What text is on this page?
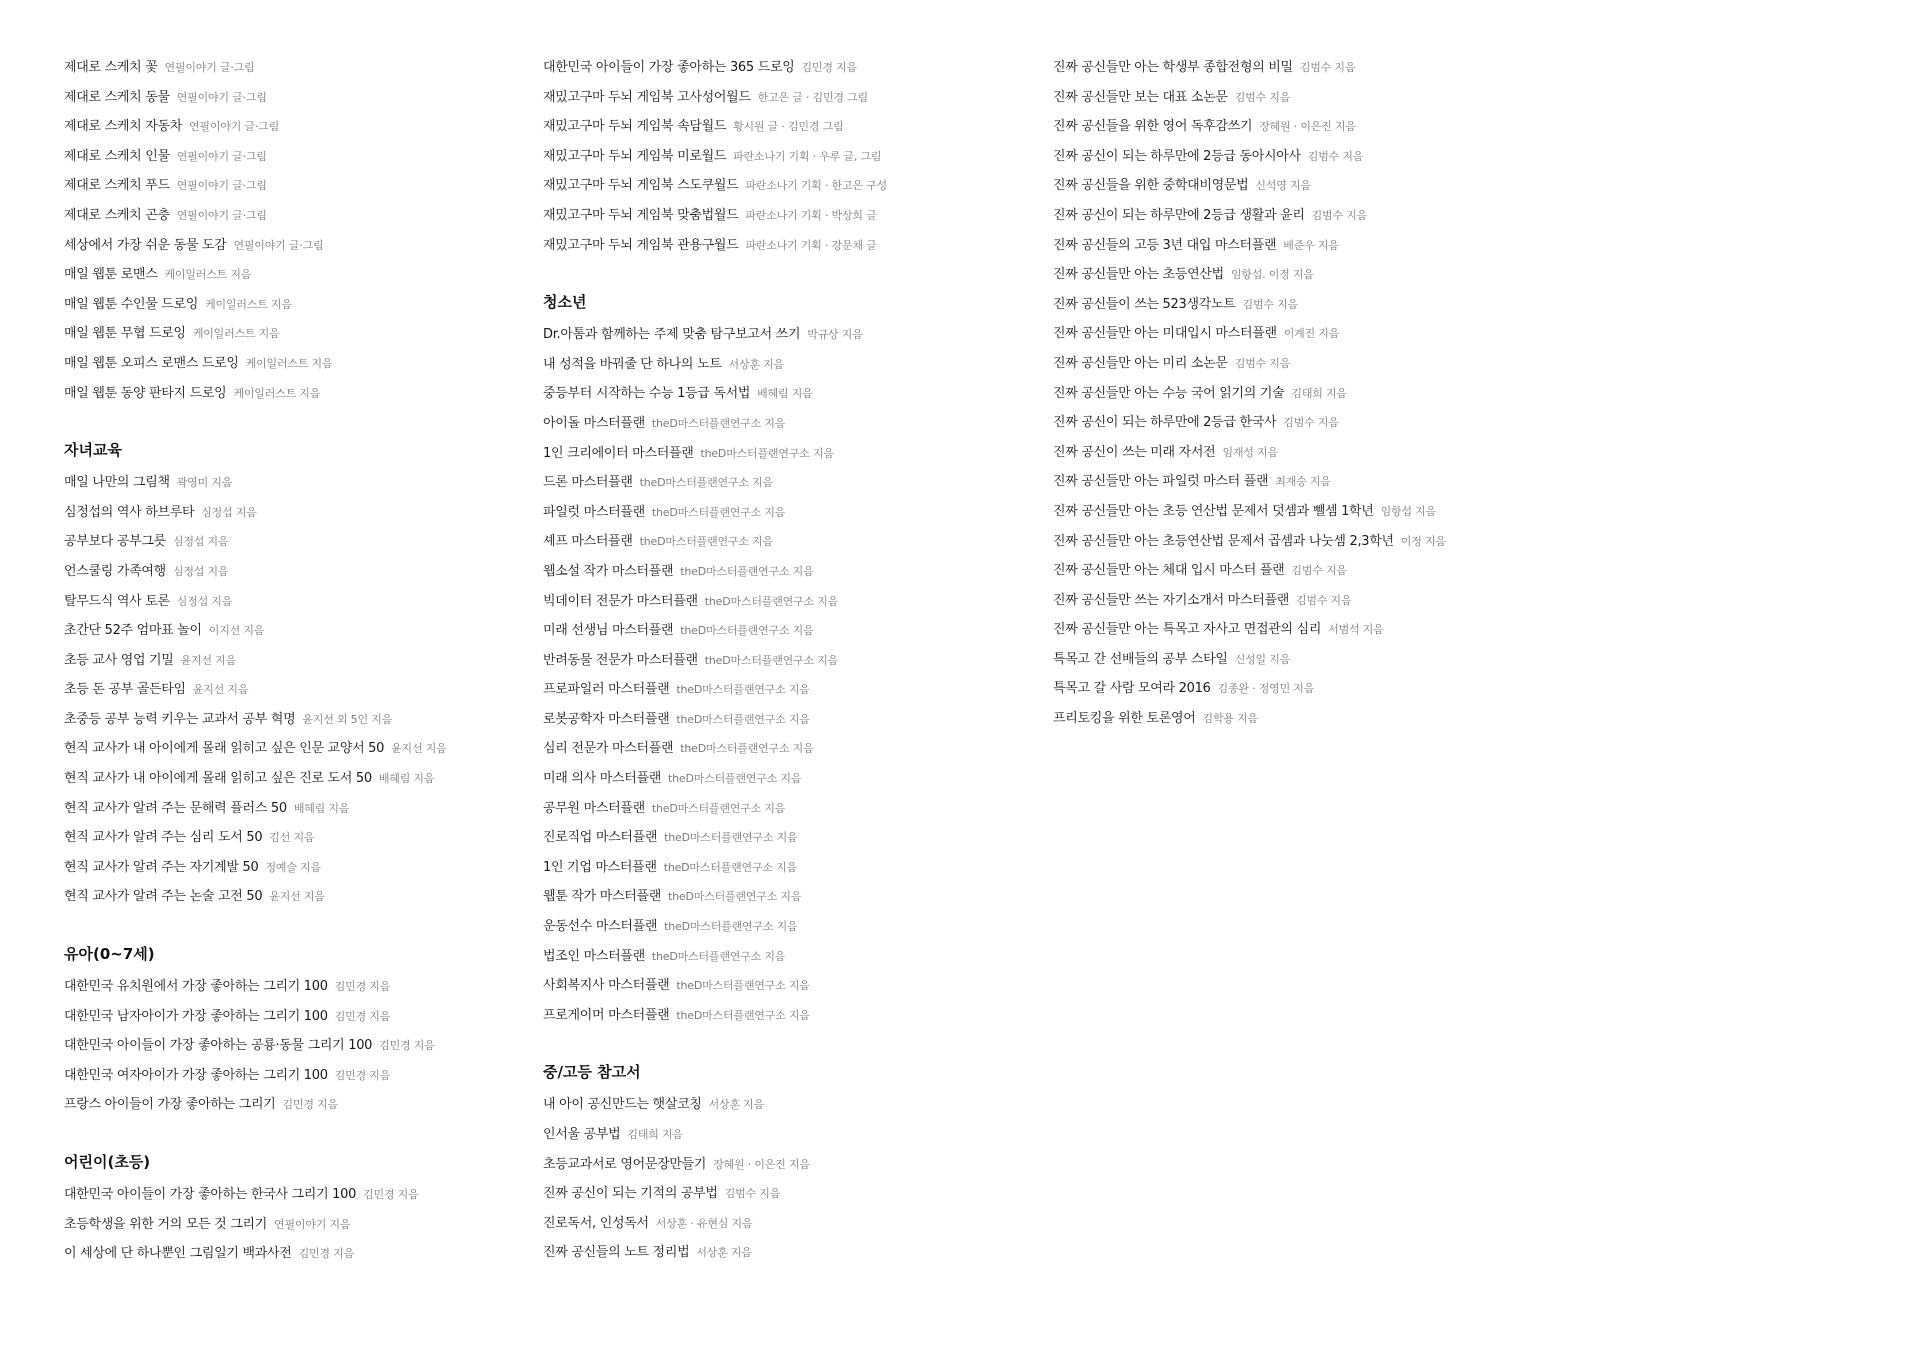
제대로 스케치 꽃 연필이야기 글·그림
제대로 스케치 동물 연필이야기 글·그림
제대로 스케치 자동차 연필이야기 글·그림
제대로 스케치 인물 연필이야기 글·그림
제대로 스케치 푸드 연필이야기 글·그림
제대로 스케치 곤충 연필이야기 글·그림
세상에서 가장 쉬운 동물 도감 연필이야기 글·그림
매일 웹툰 로맨스 케이일러스트 지음
매일 웹툰 수인물 드로잉 케이일러스트 지음
매일 웹툰 무협 드로잉 케이일러스트 지음
매일 웹툰 오피스 로맨스 드로잉 케이일러스트 지음
매일 웹툰 동양 판타지 드로잉 케이일러스트 지음
자녀교육
매일 나만의 그림책 곽영미 지음
심정섭의 역사 하브루타 심정섭 지음
공부보다 공부그릇 심정섭 지음
언스쿨링 가족여행 심정섭 지음
탈무드식 역사 토론 심정섭 지음
초간단 52주 엄마표 놀이 이지선 지음
초등 교사 영업 기밀 윤지선 지음
초등 돈 공부 골든타임 윤지선 지음
초중등 공부 능력 키우는 교과서 공부 혁명 윤지선 외 5인 지음
현직 교사가 내 아이에게 몰래 읽히고 싶은 인문 교양서 50 윤지선 지음
현직 교사가 내 아이에게 몰래 읽히고 싶은 진로 도서 50 배혜림 지음
현직 교사가 알려 주는 문해력 플러스 50 배혜림 지음
현직 교사가 알려 주는 심리 도서 50 김선 지음
현직 교사가 알려 주는 자기계발 50 정예슬 지음
현직 교사가 알려 주는 논술 고전 50 윤지선 지음
유아(0~7세)
대한민국 유치원에서 가장 좋아하는 그리기 100 김민경 지음
대한민국 남자아이가 가장 좋아하는 그리기 100 김민경 지음
대한민국 아이들이 가장 좋아하는 공룡·동물 그리기 100 김민경 지음
대한민국 여자아이가 가장 좋아하는 그리기 100 김민경 지음
프랑스 아이들이 가장 좋아하는 그리기 김민경 지음
어린이(초등)
대한민국 아이들이 가장 좋아하는 한국사 그리기 100 김민경 지음
초등학생을 위한 거의 모든 것 그리기 연필이야기 지음
이 세상에 단 하나뿐인 그림일기 백과사전 김민경 지음
대한민국 아이들이 가장 좋아하는 365 드로잉 김민경 지음
재밌고구마 두뇌 게임북 고사성어월드 한고은 글 · 김민경 그림
재밌고구마 두뇌 게임북 속담월드 황시원 글 · 김민경 그림
재밌고구마 두뇌 게임북 미로월드 파란소나기 기획 · 우루 글, 그림
재밌고구마 두뇌 게임북 스도쿠월드 파란소나기 기획 · 한고은 구성
재밌고구마 두뇌 게임북 맞춤법월드 파란소나기 기획 · 박상희 글
재밌고구마 두뇌 게임북 관용구월드 파란소나기 기획 · 강문채 글
청소년
Dr.아톰과 함께하는 주제 맞춤 탐구보고서 쓰기 박규상 지음
내 성적을 바꿔줄 단 하나의 노트 서상훈 지음
중등부터 시작하는 수능 1등급 독서법 배혜림 지음
아이돌 마스터플랜 theD마스터플랜연구소 지음
1인 크리에이터 마스터플랜 theD마스터플랜연구소 지음
드론 마스터플랜 theD마스터플랜연구소 지음
파일럿 마스터플랜 theD마스터플랜연구소 지음
셰프 마스터플랜 theD마스터플랜연구소 지음
웹소설 작가 마스터플랜 theD마스터플랜연구소 지음
빅데이터 전문가 마스터플랜 theD마스터플랜연구소 지음
미래 선생님 마스터플랜 theD마스터플랜연구소 지음
반려동물 전문가 마스터플랜 theD마스터플랜연구소 지음
프로파일러 마스터플랜 theD마스터플랜연구소 지음
로봇공학자 마스터플랜 theD마스터플랜연구소 지음
심리 전문가 마스터플랜 theD마스터플랜연구소 지음
미래 의사 마스터플랜 theD마스터플랜연구소 지음
공무원 마스터플랜 theD마스터플랜연구소 지음
진로직업 마스터플랜 theD마스터플랜연구소 지음
1인 기업 마스터플랜 theD마스터플랜연구소 지음
웹툰 작가 마스터플랜 theD마스터플랜연구소 지음
운동선수 마스터플랜 theD마스터플랜연구소 지음
법조인 마스터플랜 theD마스터플랜연구소 지음
사회복지사 마스터플랜 theD마스터플랜연구소 지음
프로게이머 마스터플랜 theD마스터플랜연구소 지음
중/고등 참고서
내 아이 공신만드는 햇살코칭 서상훈 지음
인서울 공부법 김태희 지음
초등교과서로 영어문장만들기 장혜원 · 이은진 지음
진짜 공신이 되는 기적의 공부법 김범수 지음
진로독서, 인성독서 서상훈 · 유현심 지음
진짜 공신들의 노트 정리법 서상훈 지음
진짜 공신들만 아는 학생부 종합전형의 비밀 김범수 지음
진짜 공신들만 보는 대표 소논문 김범수 지음
진짜 공신들을 위한 영어 독후감쓰기 장혜원 · 이은진 지음
진짜 공신이 되는 하루만에 2등급 동아시아사 김범수 지음
진짜 공신들을 위한 중학대비영문법 신석영 지음
진짜 공신이 되는 하루만에 2등급 생활과 윤리 김범수 지음
진짜 공신들의 고등 3년 대입 마스터플랜 배준우 지음
진짜 공신들만 아는 초등연산법 임항섭. 이정 지음
진짜 공신들이 쓰는 523생각노트 김범수 지음
진짜 공신들만 아는 미대입시 마스터플랜 이계진 지음
진짜 공신들만 아는 미리 소논문 김범수 지음
진짜 공신들만 아는 수능 국어 읽기의 기술 김태희 지음
진짜 공신이 되는 하루만에 2등급 한국사 김범수 지음
진짜 공신이 쓰는 미래 자서전 임재성 지음
진짜 공신들만 아는 파일럿 마스터 플랜 최재승 지음
진짜 공신들만 아는 초등 연산법 문제서 덧셈과 뺄셈 1학년 임항섭 지음
진짜 공신들만 아는 초등연산법 문제서 곱셈과 나눗셈 2,3학년 이정 지음
진짜 공신들만 아는 체대 입시 마스터 플랜 김범수 지음
진짜 공신들만 쓰는 자기소개서 마스터플랜 김범수 지음
진짜 공신들만 아는 특목고 자사고 면접관의 심리 서범석 지음
특목고 간 선배들의 공부 스타일 신성일 지음
특목고 갈 사람 모여라 2016 김종완 · 정영민 지음
프리토킹을 위한 토론영어 김학용 지음
